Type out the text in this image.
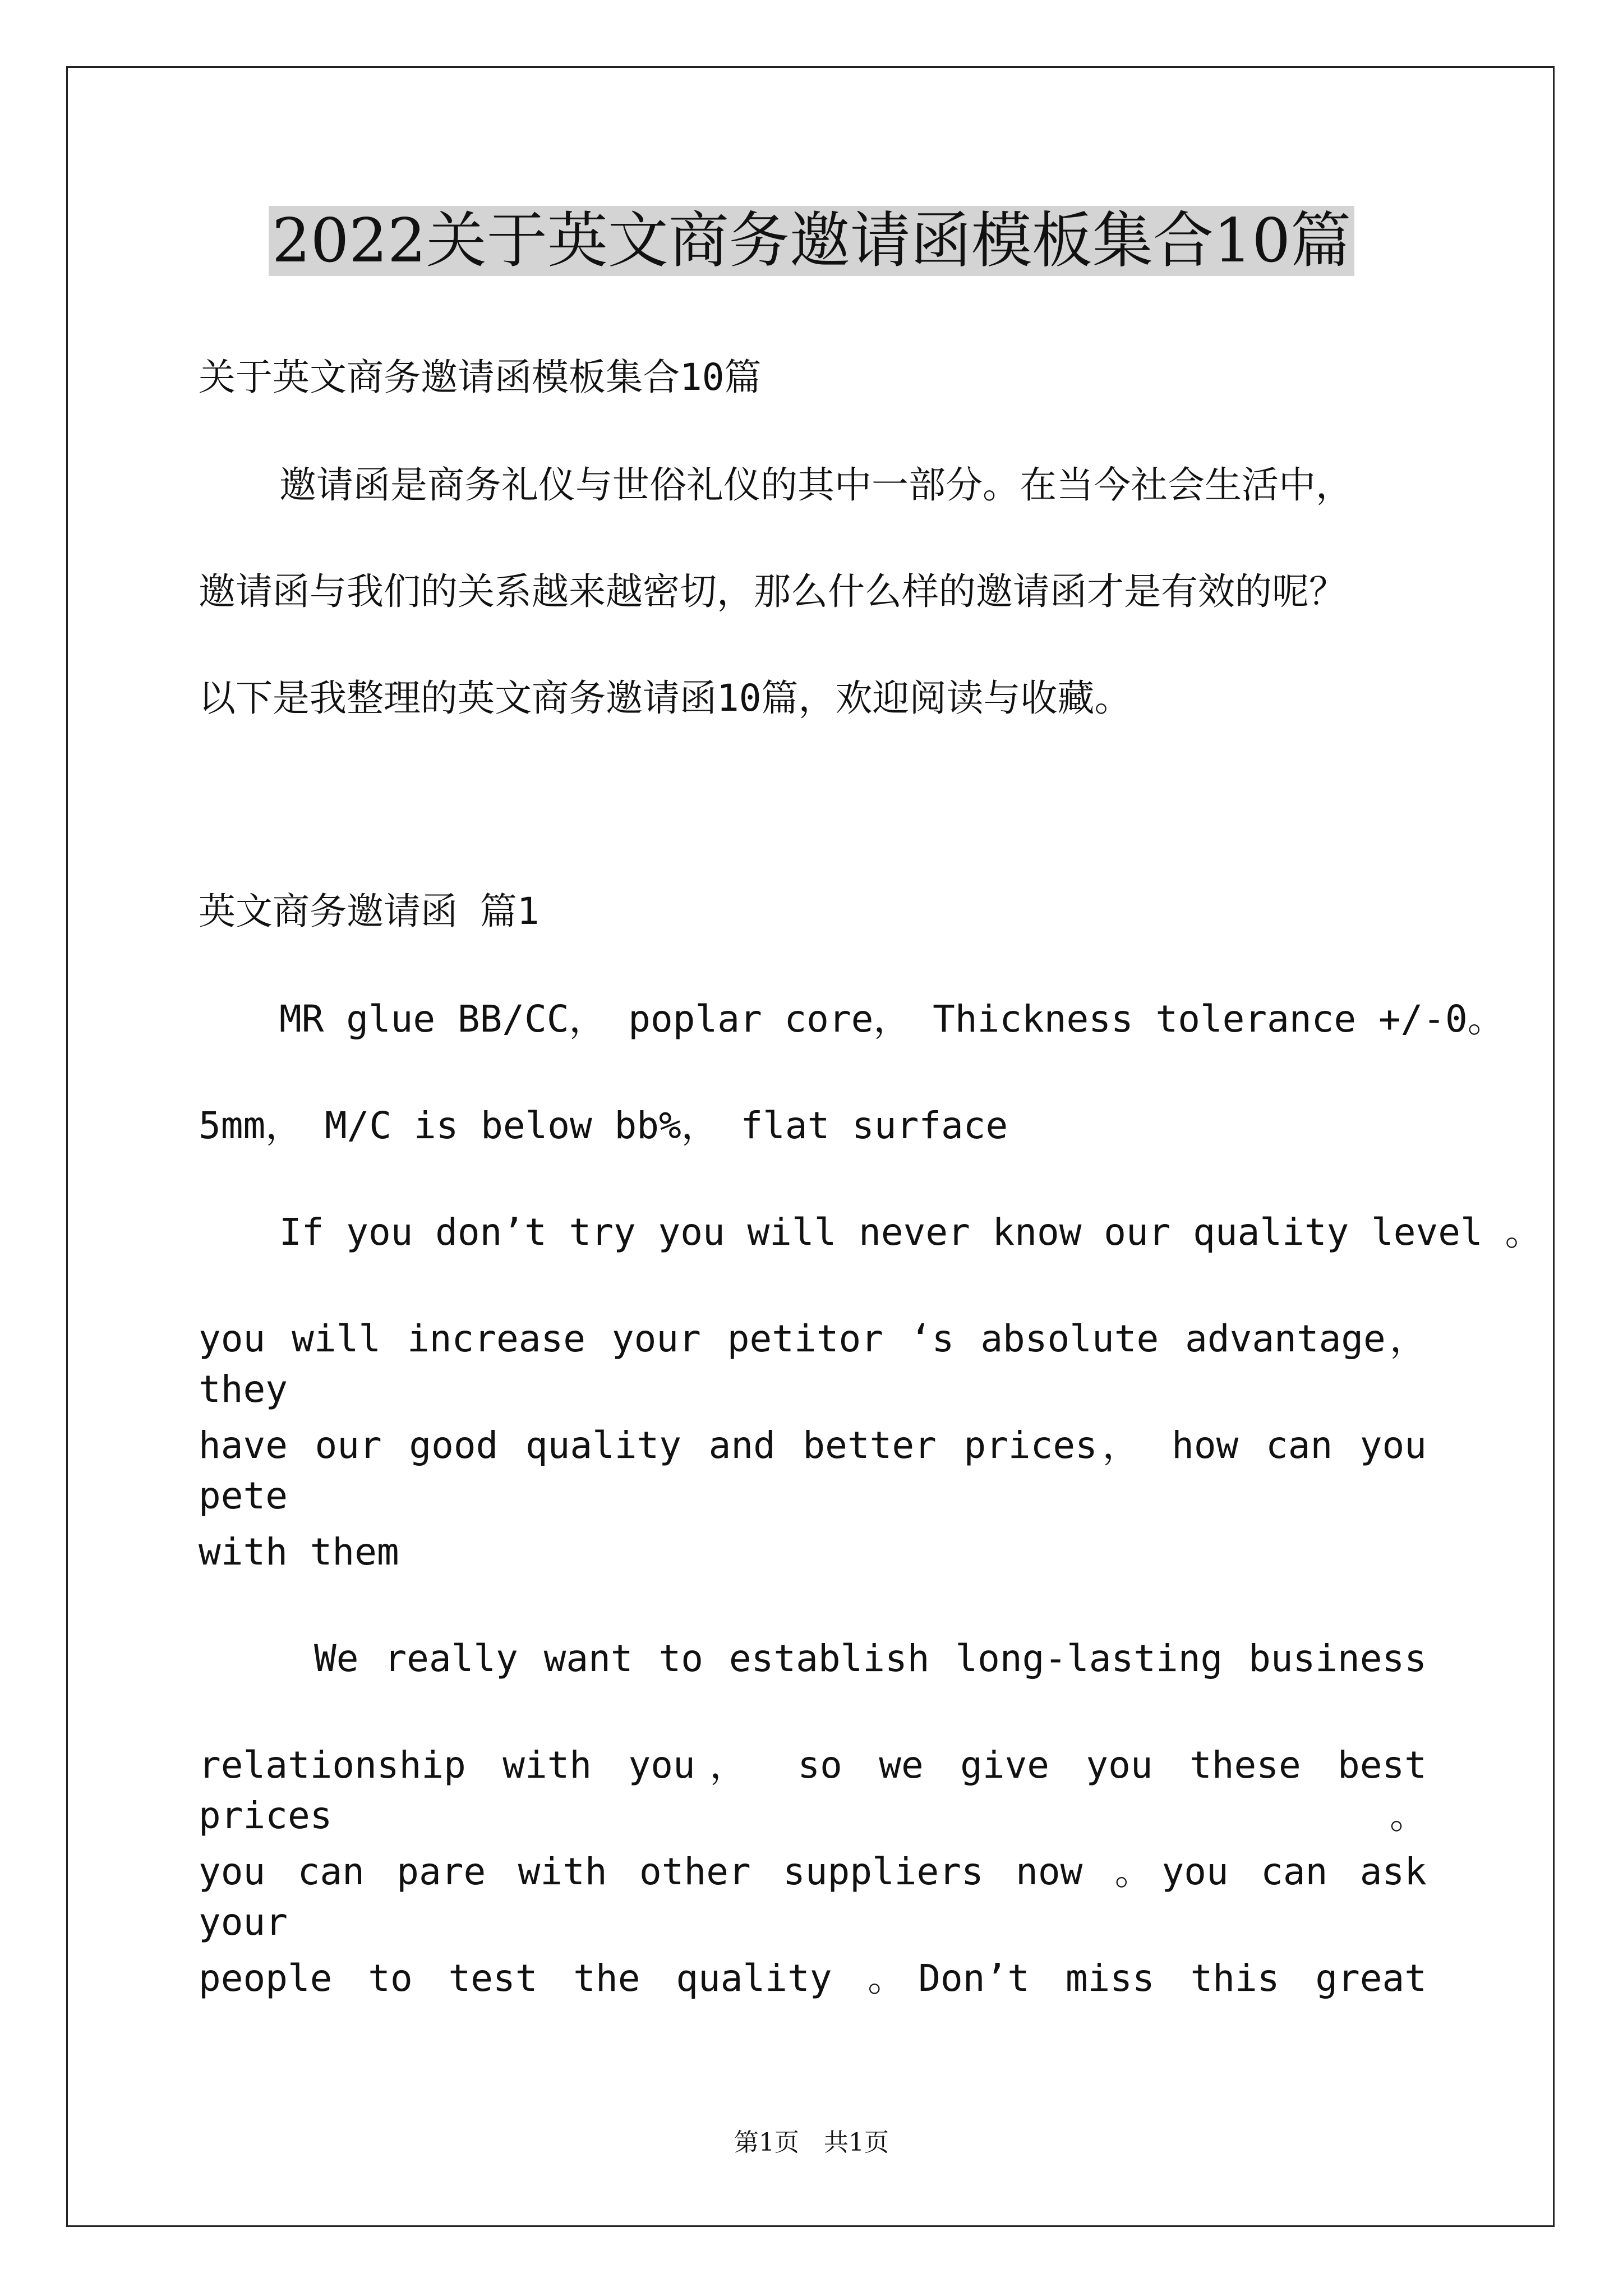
2022关于英文商务邀请函模板集合10篇
关于英文商务邀请函模板集合10篇
邀请函是商务礼仪与世俗礼仪的其中一部分。在当今社会生活中，
邀请函与我们的关系越来越密切，那么什么样的邀请函才是有效的呢？
以下是我整理的英文商务邀请函10篇，欢迎阅读与收藏。
英文商务邀请函 篇1
MR glue BB/CC， poplar core， Thickness tolerance +/-0。
5mm， M/C is below bb%， flat surface
If you don’t try you will never know our quality level 。
you will increase your petitor ‘s absolute advantage， they
have our good quality and better prices， how can you pete
with them
We really want to establish long-lasting business
relationship with you， so we give you these best prices 。
you can pare with other suppliers now 。you can ask your
people to test the quality 。Don’t miss this great
第1页 共1页
